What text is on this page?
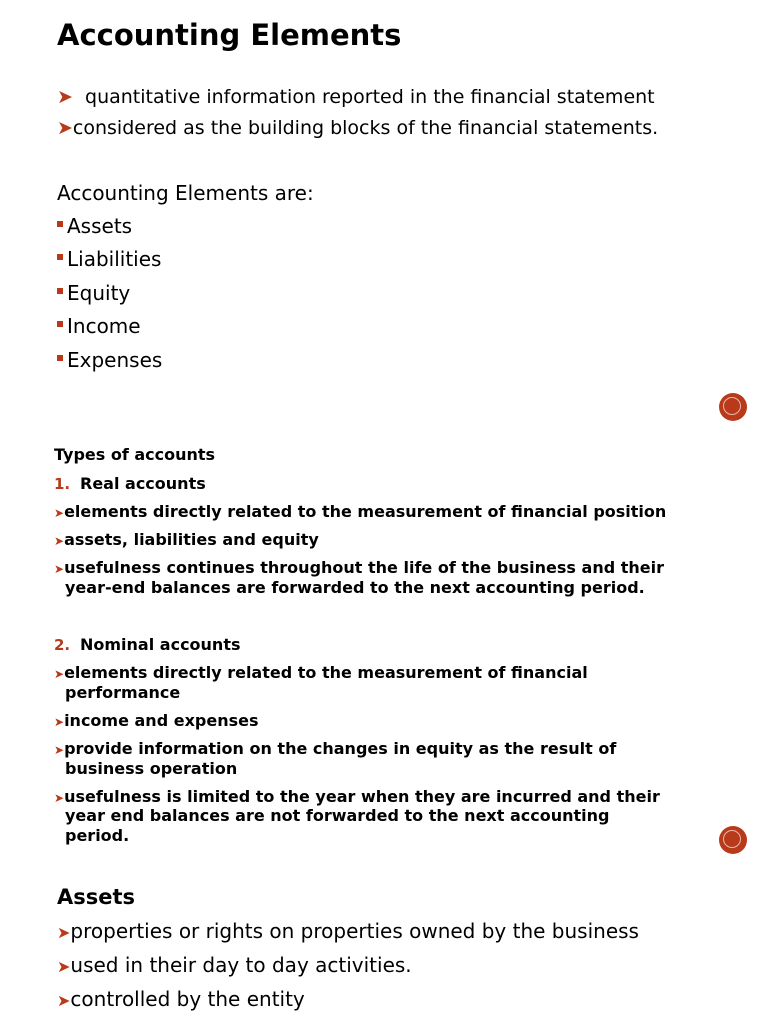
Accounting Elements
➤ quantitative information reported in the financial statement
➤considered as the building blocks of the financial statements.
Accounting Elements are:
Assets
Liabilities
Equity
Income
Expenses
Types of accounts
1. Real accounts
➤elements directly related to the measurement of financial position
➤assets, liabilities and equity
➤usefulness continues throughout the life of the business and their
year-end balances are forwarded to the next accounting period.
2. Nominal accounts
➤elements directly related to the measurement of financial
performance
➤income and expenses
➤provide information on the changes in equity as the result of
business operation
➤usefulness is limited to the year when they are incurred and their
year end balances are not forwarded to the next accounting
period.
Assets
➤properties or rights on properties owned by the business
➤used in their day to day activities.
➤controlled by the entity
